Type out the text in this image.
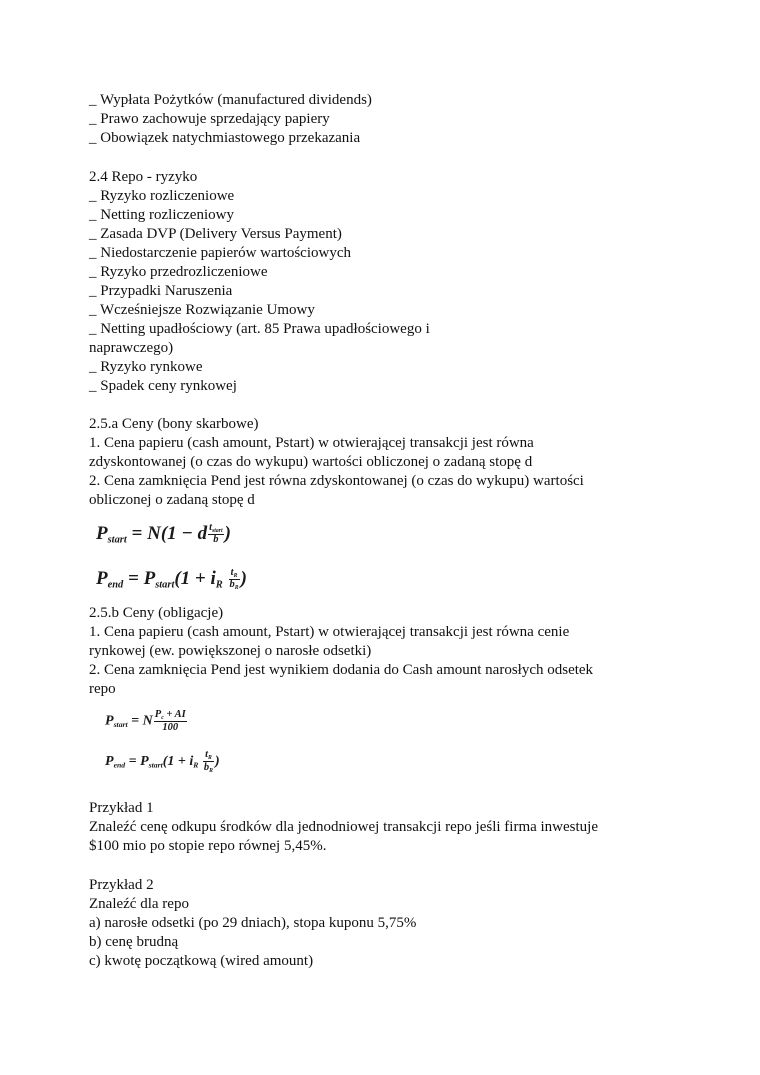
_ Wypłata Pożytków (manufactured dividends)
_ Prawo zachowuje sprzedający papiery
_ Obowiązek natychmiastowego przekazania
2.4 Repo - ryzyko
_ Ryzyko rozliczeniowe
_ Netting rozliczeniowy
_ Zasada DVP (Delivery Versus Payment)
_ Niedostarczenie papierów wartościowych
_ Ryzyko przedrozliczeniowe
_ Przypadki Naruszenia
_ Wcześniejsze Rozwiązanie Umowy
_ Netting upadłościowy (art. 85 Prawa upadłościowego i
naprawczego)
_ Ryzyko rynkowe
_ Spadek ceny rynkowej
2.5.a Ceny (bony skarbowe)
1. Cena papieru (cash amount, Pstart) w otwierającej transakcji jest równa
zdyskontowanej (o czas do wykupu) wartości obliczonej o zadaną stopę d
2. Cena zamknięcia Pend jest równa zdyskontowanej (o czas do wykupu) wartości
obliczonej o zadaną stopę d
$P_{start} = N(1 - d \frac{t_{start}}{b}$ )
$P_{end} = P_{start}(1 + i_R \frac{t_R}{b_R}$ )
2.5.b Ceny (obligacje)
1. Cena papieru (cash amount, Pstart) w otwierającej transakcji jest równa cenie
rynkowej (ew. powiększonej o narosłe odsetki)
2. Cena zamknięcia Pend jest wynikiem dodania do Cash amount narosłych odsetek
repo
$P_{start} = N \frac{P_c + AI}{100}$
$P_{end} = P_{start}(1 + i_R \frac{t_R}{b_R}$ )
Przykład 1
Znaleźć cenę odkupu środków dla jednodniowej transakcji repo jeśli firma inwestuje
$100 mio po stopie repo równej 5,45%.
Przykład 2
Znaleźć dla repo
a) narosłe odsetki (po 29 dniach), stopa kuponu 5,75%
b) cenę brudną
c) kwotę początkową (wired amount)
